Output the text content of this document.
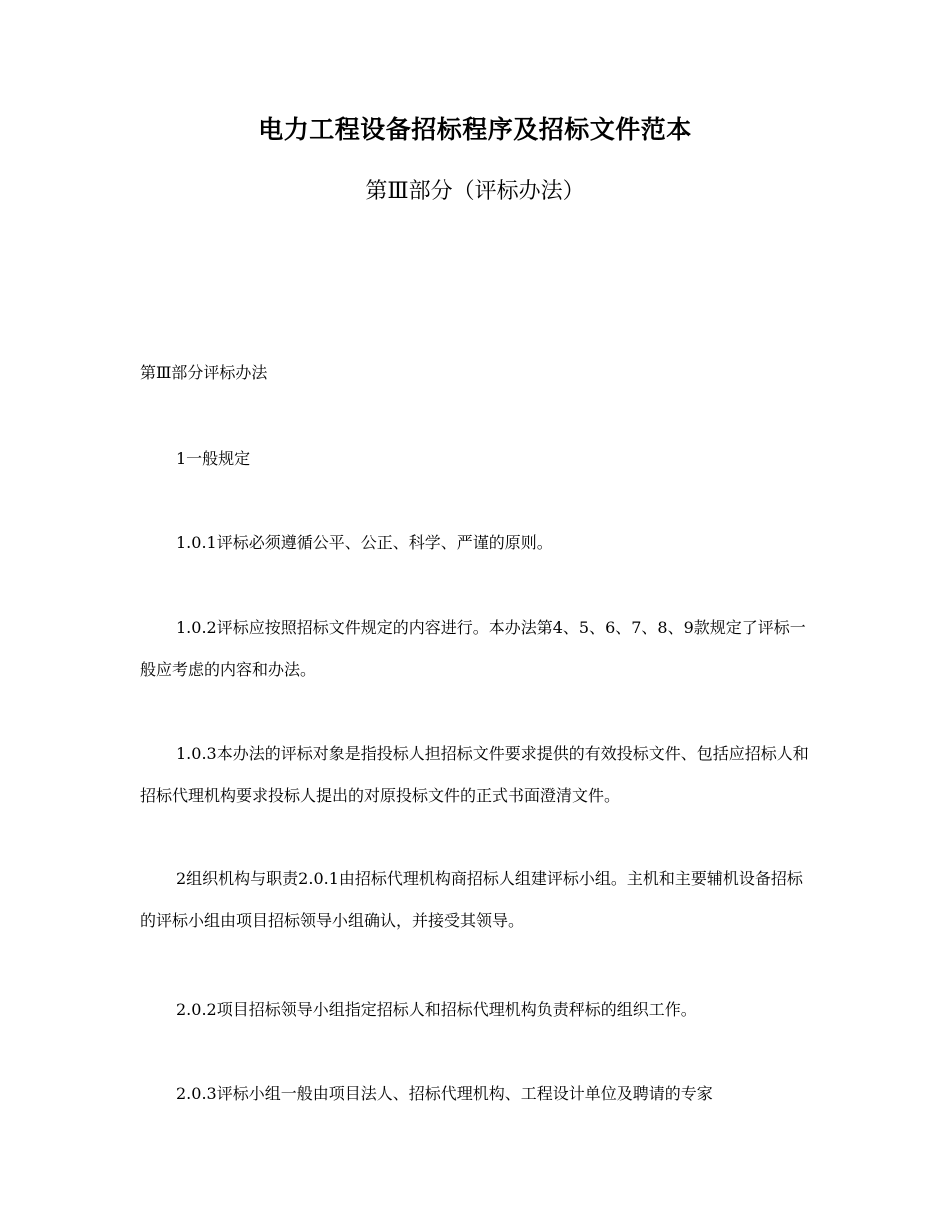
电力工程设备招标程序及招标文件范本
第Ⅲ部分（评标办法）
第Ⅲ部分评标办法

1一般规定

1.0.1评标必须遵循公平、公正、科学、严谨的原则。

1.0.2评标应按照招标文件规定的内容进行。本办法第4、5、6、7、8、9款规定了评标一般应考虑的内容和办法。

1.0.3本办法的评标对象是指投标人担招标文件要求提供的有效投标文件、包括应招标人和招标代理机构要求投标人提出的对原投标文件的正式书面澄清文件。

2组织机构与职责2.0.1由招标代理机构商招标人组建评标小组。主机和主要辅机设备招标的评标小组由项目招标领导小组确认，并接受其领导。

2.0.2项目招标领导小组指定招标人和招标代理机构负责秤标的组织工作。

2.0.3评标小组一般由项目法人、招标代理机构、工程设计单位及聘请的专家
